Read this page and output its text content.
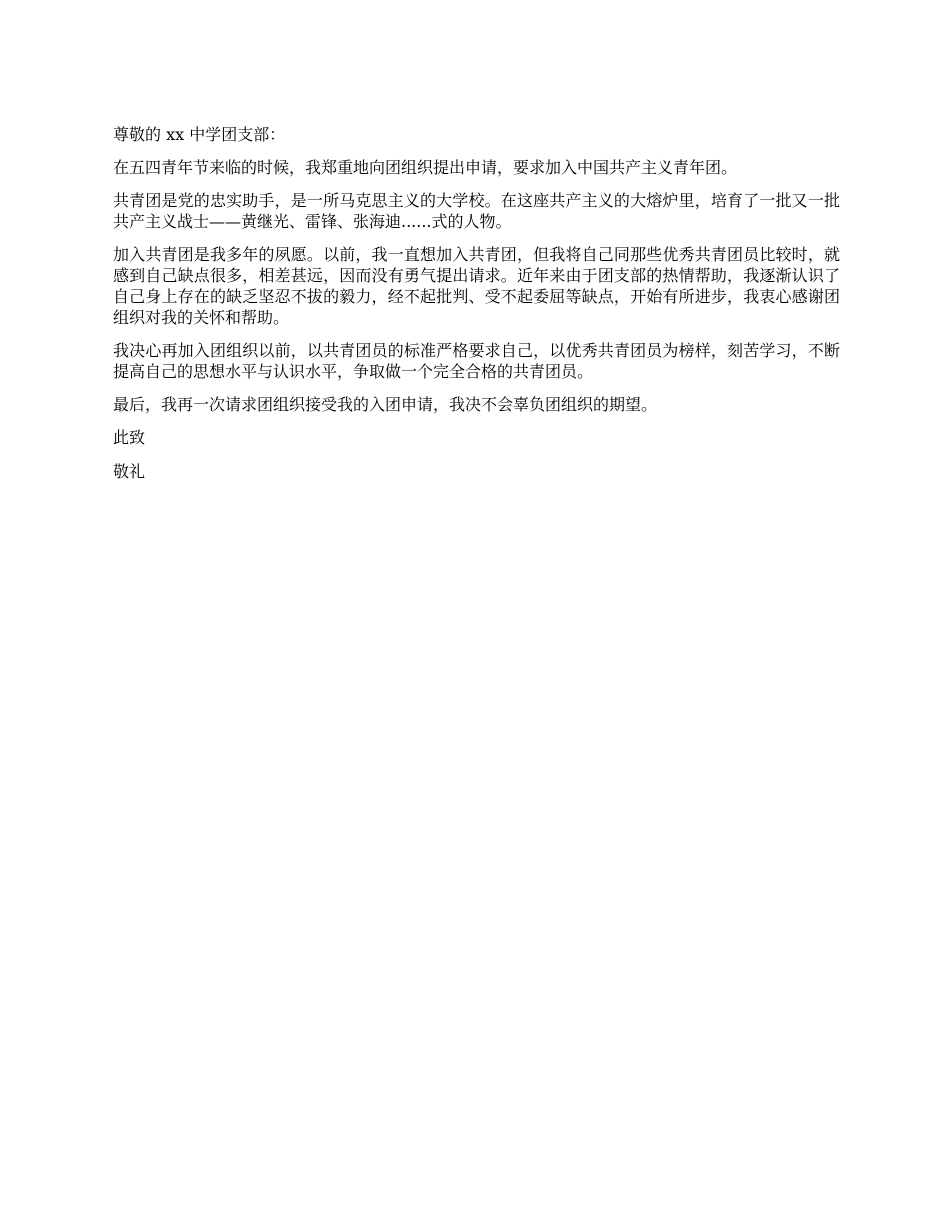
尊敬的 xx 中学团支部：

在五四青年节来临的时候，我郑重地向团组织提出申请，要求加入中国共产主义青年团。

共青团是党的忠实助手，是一所马克思主义的大学校。在这座共产主义的大熔炉里，培育了一批又一批共产主义战士——黄继光、雷锋、张海迪......式的人物。

加入共青团是我多年的夙愿。以前，我一直想加入共青团，但我将自己同那些优秀共青团员比较时，就感到自己缺点很多，相差甚远，因而没有勇气提出请求。近年来由于团支部的热情帮助，我逐渐认识了自己身上存在的缺乏坚忍不拔的毅力，经不起批判、受不起委屈等缺点，开始有所进步，我衷心感谢团组织对我的关怀和帮助。

我决心再加入团组织以前，以共青团员的标准严格要求自己，以优秀共青团员为榜样，刻苦学习，不断提高自己的思想水平与认识水平，争取做一个完全合格的共青团员。

最后，我再一次请求团组织接受我的入团申请，我决不会辜负团组织的期望。

此致

敬礼
